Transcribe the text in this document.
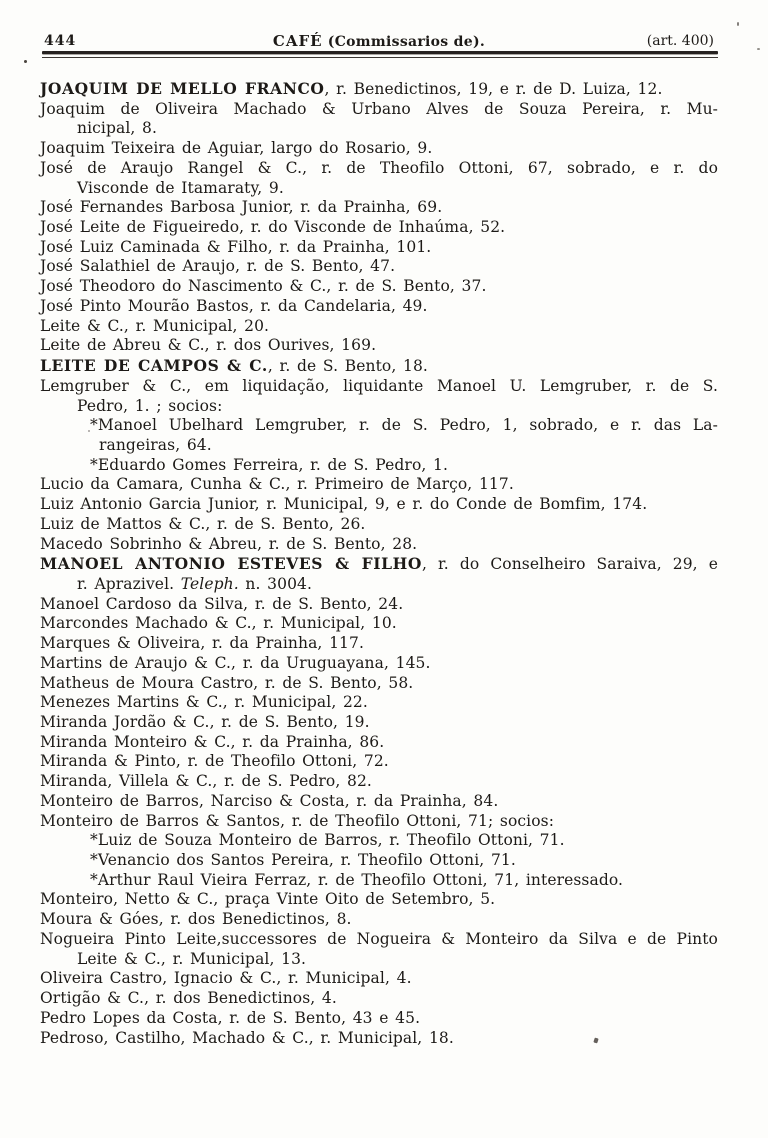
444	CAFÉ (Commissarios de).	(art. 400)
JOAQUIM DE MELLO FRANCO, r. Benedictinos, 19, e r. de D. Luiza, 12.
Joaquim de Oliveira Machado & Urbano Alves de Souza Pereira, r. Mu-
nicipal, 8.
Joaquim Teixeira de Aguiar, largo do Rosario, 9.
José de Araujo Rangel & C., r. de Theofilo Ottoni, 67, sobrado, e r. do
Visconde de Itamaraty, 9.
José Fernandes Barbosa Junior, r. da Prainha, 69.
José Leite de Figueiredo, r. do Visconde de Inhaúma, 52.
José Luiz Caminada & Filho, r. da Prainha, 101.
José Salathiel de Araujo, r. de S. Bento, 47.
José Theodoro do Nascimento & C., r. de S. Bento, 37.
José Pinto Mourão Bastos, r. da Candelaria, 49.
Leite & C., r. Municipal, 20.
Leite de Abreu & C., r. dos Ourives, 169.
LEITE DE CAMPOS & C., r. de S. Bento, 18.
Lemgruber & C., em liquidação, liquidante Manoel U. Lemgruber, r. de S.
Pedro, 1. ; socios:
*Manoel Ubelhard Lemgruber, r. de S. Pedro, 1, sobrado, e r. das La-
rangeiras, 64.
*Eduardo Gomes Ferreira, r. de S. Pedro, 1.
Lucio da Camara, Cunha & C., r. Primeiro de Março, 117.
Luiz Antonio Garcia Junior, r. Municipal, 9, e r. do Conde de Bomfim, 174.
Luiz de Mattos & C., r. de S. Bento, 26.
Macedo Sobrinho & Abreu, r. de S. Bento, 28.
MANOEL ANTONIO ESTEVES & FILHO, r. do Conselheiro Saraiva, 29, e
r. Aprazivel. Teleph. n. 3004.
Manoel Cardoso da Silva, r. de S. Bento, 24.
Marcondes Machado & C., r. Municipal, 10.
Marques & Oliveira, r. da Prainha, 117.
Martins de Araujo & C., r. da Uruguayana, 145.
Matheus de Moura Castro, r. de S. Bento, 58.
Menezes Martins & C., r. Municipal, 22.
Miranda Jordão & C., r. de S. Bento, 19.
Miranda Monteiro & C., r. da Prainha, 86.
Miranda & Pinto, r. de Theofilo Ottoni, 72.
Miranda, Villela & C., r. de S. Pedro, 82.
Monteiro de Barros, Narciso & Costa, r. da Prainha, 84.
Monteiro de Barros & Santos, r. de Theofilo Ottoni, 71; socios:
*Luiz de Souza Monteiro de Barros, r. Theofilo Ottoni, 71.
*Venancio dos Santos Pereira, r. Theofilo Ottoni, 71.
*Arthur Raul Vieira Ferraz, r. de Theofilo Ottoni, 71, interessado.
Monteiro, Netto & C., praça Vinte Oito de Setembro, 5.
Moura & Góes, r. dos Benedictinos, 8.
Nogueira Pinto Leite,successores de Nogueira & Monteiro da Silva e de Pinto
Leite & C., r. Municipal, 13.
Oliveira Castro, Ignacio & C., r. Municipal, 4.
Ortigão & C., r. dos Benedictinos, 4.
Pedro Lopes da Costa, r. de S. Bento, 43 e 45.
Pedroso, Castilho, Machado & C., r. Municipal, 18.
